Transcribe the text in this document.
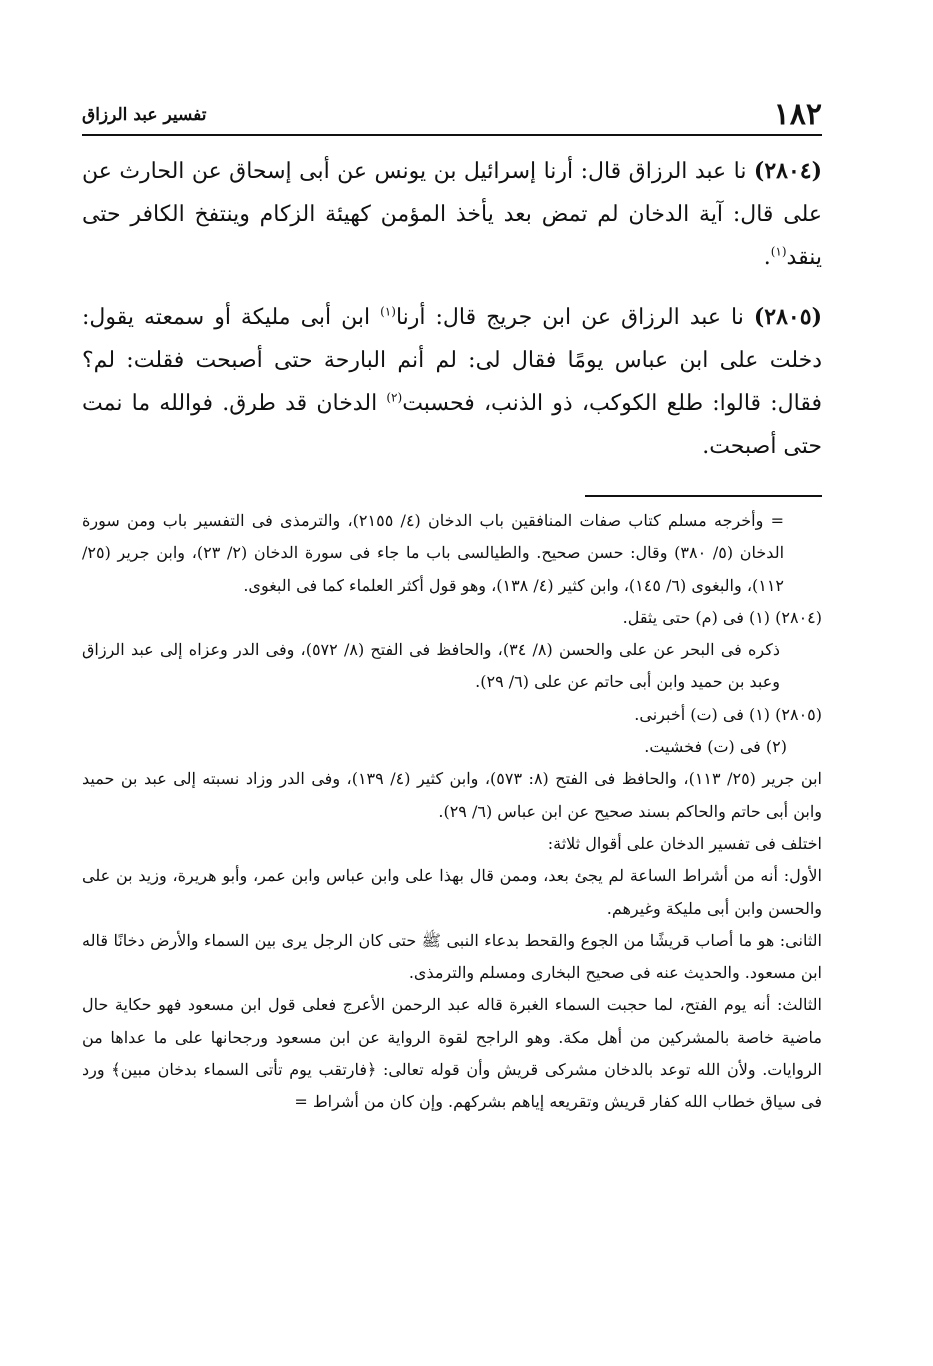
١٨٢
تفسير عبد الرزاق

(٢٨٠٤) نا عبد الرزاق قال: أرنا إسرائيل بن يونس عن أبى إسحاق عن الحارث عن على قال: آية الدخان لم تمض بعد يأخذ المؤمن كهيئة الزكام وينتفخ الكافر حتى ينقد$^{(١)}$.

(٢٨٠٥) نا عبد الرزاق عن ابن جريج قال: أرنا$^{(١)}$ ابن أبى مليكة أو سمعته يقول: دخلت على ابن عباس يومًا فقال لى: لم أنم البارحة حتى أصبحت فقلت: لم؟ فقال: قالوا: طلع الكوكب، ذو الذنب، فحسبت$^{(٢)}$ الدخان قد طرق. فوالله ما نمت حتى أصبحت.

= وأخرجه مسلم كتاب صفات المنافقين باب الدخان (٤/ ٢١٥٥)، والترمذى فى التفسير باب ومن سورة الدخان (٥/ ٣٨٠) وقال: حسن صحيح. والطيالسى باب ما جاء فى سورة الدخان (٢/ ٢٣)، وابن جرير (٢٥/ ١١٢)، والبغوى (٦/ ١٤٥)، وابن كثير (٤/ ١٣٨)، وهو قول أكثر العلماء كما فى البغوى.

(٢٨٠٤) (١) فى (م) حتى يثقل.

ذكره فى البحر عن على والحسن (٨/ ٣٤)، والحافظ فى الفتح (٨/ ٥٧٢)، وفى الدر وعزاه إلى عبد الرزاق وعبد بن حميد وابن أبى حاتم عن على (٦/ ٢٩).

(٢٨٠٥) (١) فى (ت) أخبرنى.

(٢) فى (ت) فخشيت.

ابن جرير (٢٥/ ١١٣)، والحافظ فى الفتح (٨: ٥٧٣)، وابن كثير (٤/ ١٣٩)، وفى الدر وزاد نسبته إلى عبد بن حميد وابن أبى حاتم والحاكم بسند صحيح عن ابن عباس (٦/ ٢٩).

اختلف فى تفسير الدخان على أقوال ثلاثة:

الأول: أنه من أشراط الساعة لم يجئ بعد، وممن قال بهذا على وابن عباس وابن عمر، وأبو هريرة، وزيد بن على والحسن وابن أبى مليكة وغيرهم.

الثانى: هو ما أصاب قريشًا من الجوع والقحط بدعاء النبى ﷺ حتى كان الرجل يرى بين السماء والأرض دخانًا قاله ابن مسعود. والحديث عنه فى صحيح البخارى ومسلم والترمذى.

الثالث: أنه يوم الفتح، لما حجبت السماء الغبرة قاله عبد الرحمن الأعرج فعلى قول ابن مسعود فهو حكاية حال ماضية خاصة بالمشركين من أهل مكة. وهو الراجح لقوة الرواية عن ابن مسعود ورجحانها على ما عداها من الروايات. ولأن الله توعد بالدخان مشركى قريش وأن قوله تعالى: ﴿فارتقب يوم تأتى السماء بدخان مبين﴾ ورد فى سياق خطاب الله كفار قريش وتقريعه إياهم بشركهم. وإن كان من أشراط =
